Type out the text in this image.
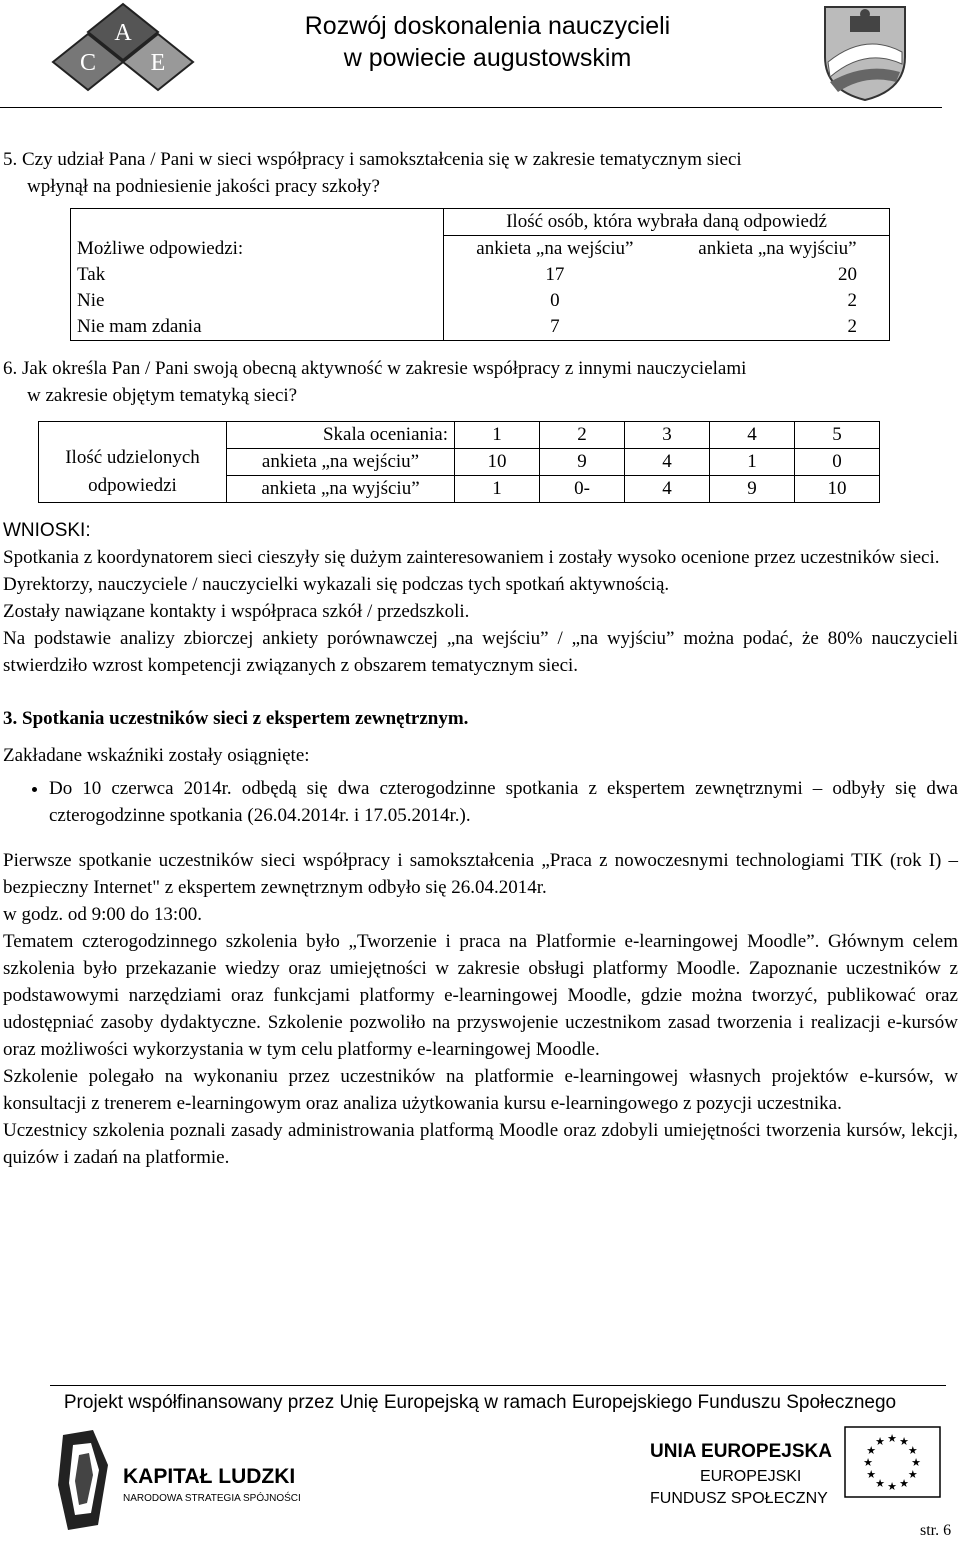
A
C E
Rozwój doskonalenia nauczycieli
w powiecie augustowskim

5. Czy udział Pana / Pani w sieci współpracy i samokształcenia się w zakresie tematycznym sieci

wpłynął na podniesienie jakości pracy szkoły?

	Ilość osób, która wybrała daną odpowiedź	
Możliwe odpowiedzi:	ankieta „na wejściu”	ankieta „na wyjściu”
Tak	17	20
Nie	0	2
Nie mam zdania	7	2

6. Jak określa Pan / Pani swoją obecną aktywność w zakresie współpracy z innymi nauczycielami

w zakresie objętym tematyką sieci?

Ilość udzielonych
odpowiedzi	Skala oceniania:	1	2	3	4	5
	ankieta „na wejściu”	10	9	4	1	0
	ankieta „na wyjściu”	1	0-	4	9	10

WNIOSKI:

Spotkania z koordynatorem sieci cieszyły się dużym zainteresowaniem i zostały wysoko ocenione przez uczestników sieci.

Dyrektorzy, nauczyciele / nauczycielki wykazali się podczas tych spotkań aktywnością.

Zostały nawiązane kontakty i współpraca szkół / przedszkoli.

Na podstawie analizy zbiorczej ankiety porównawczej „na wejściu” / „na wyjściu” można podać, że 80% nauczycieli stwierdziło wzrost kompetencji związanych z obszarem tematycznym sieci.

3. Spotkania uczestników sieci z ekspertem zewnętrznym.

Zakładane wskaźniki zostały osiągnięte:

• Do 10 czerwca 2014r. odbędą się dwa czterogodzinne spotkania z ekspertem zewnętrznymi – odbyły się dwa czterogodzinne spotkania (26.04.2014r. i 17.05.2014r.).

Pierwsze spotkanie uczestników sieci współpracy i samokształcenia „Praca z nowoczesnymi technologiami TIK (rok I) – bezpieczny Internet" z ekspertem zewnętrznym odbyło się 26.04.2014r.

w godz. od 9:00 do 13:00.

Tematem czterogodzinnego szkolenia było „Tworzenie i praca na Platformie e-learningowej Moodle”. Głównym celem szkolenia było przekazanie wiedzy oraz umiejętności w zakresie obsługi platformy Moodle. Zapoznanie uczestników z podstawowymi narzędziami oraz funkcjami platformy e-learningowej Moodle, gdzie można tworzyć, publikować oraz udostępniać zasoby dydaktyczne. Szkolenie pozwoliło na przyswojenie uczestnikom zasad tworzenia i realizacji e-kursów oraz możliwości wykorzystania w tym celu platformy e-learningowej Moodle.

Szkolenie polegało na wykonaniu przez uczestników na platformie e-learningowej własnych projektów e-kursów, w konsultacji z trenerem e-learningowym oraz analiza użytkowania kursu e-learningowego z pozycji uczestnika.

Uczestnicy szkolenia poznali zasady administrowania platformą Moodle oraz zdobyli umiejętności tworzenia kursów, lekcji, quizów i zadań na platformie.

Projekt współfinansowany przez Unię Europejską w ramach Europejskiego Funduszu Społecznego
KAPITAŁ LUDZKI
NARODOWA STRATEGIA SPÓJNOŚCI
UNIA EUROPEJSKA
EUROPEJSKI
FUNDUSZ SPOŁECZNY
★
★
★
★
★
★
★
★
★ ★ ★
★
str. 6
